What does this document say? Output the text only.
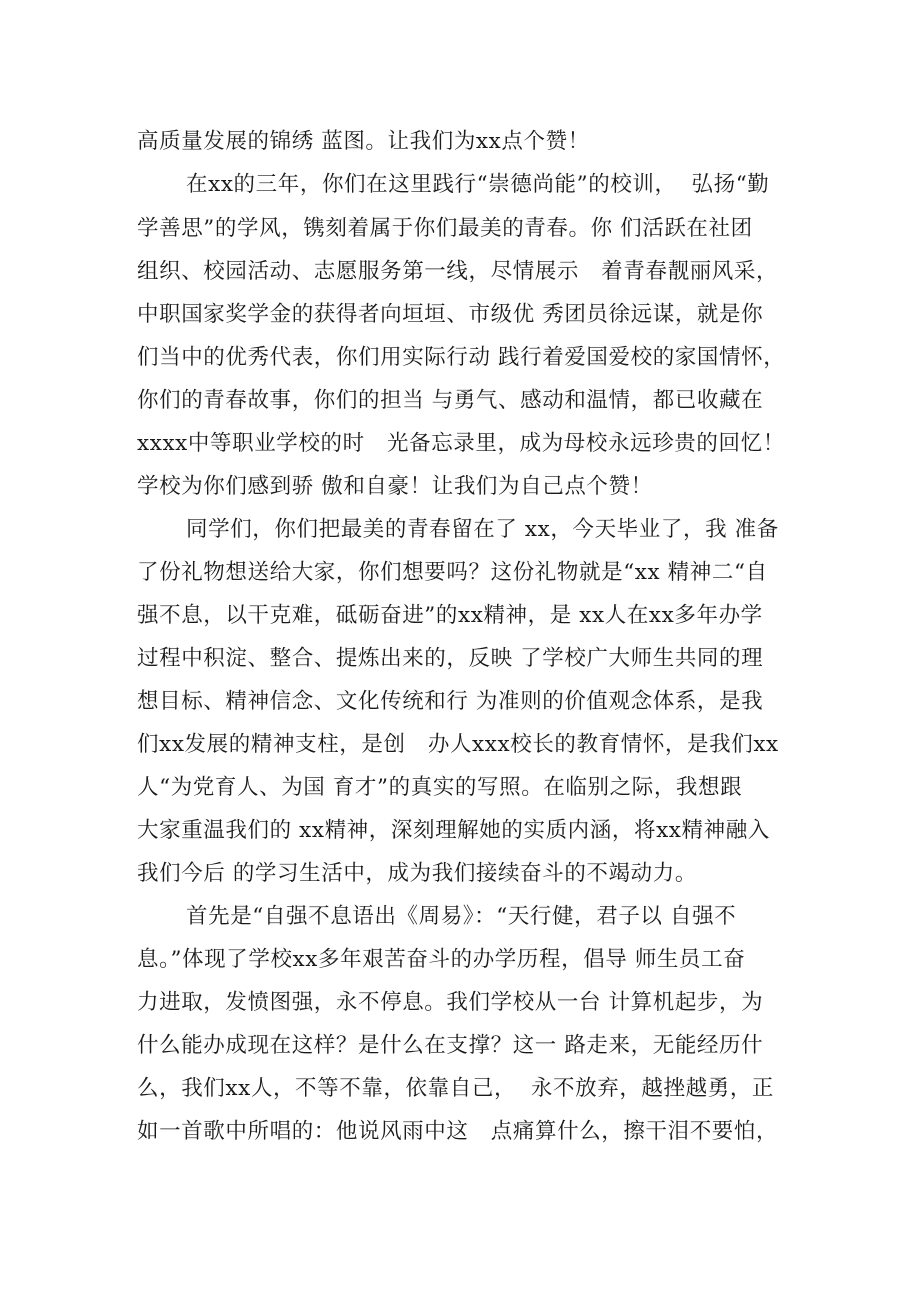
高质量发展的锦绣 蓝图。让我们为xx点个赞！
在xx的三年，你们在这里践行“崇德尚能”的校训，  弘扬“勤
学善思”的学风，镌刻着属于你们最美的青春。你 们活跃在社团
组织、校园活动、志愿服务第一线，尽情展示   着青春靓丽风采，
中职国家奖学金的获得者向垣垣、市级优 秀团员徐远谋，就是你
们当中的优秀代表，你们用实际行动 践行着爱国爱校的家国情怀，
你们的青春故事，你们的担当 与勇气、感动和温情，都已收藏在
xxxx中等职业学校的时   光备忘录里，成为母校永远珍贵的回忆！
学校为你们感到骄 傲和自豪！让我们为自己点个赞！
同学们，你们把最美的青春留在了 xx，今天毕业了，我 准备
了份礼物想送给大家，你们想要吗？这份礼物就是“xx 精神二“自
强不息，以干克难，砥砺奋进”的xx精神，是 xx人在xx多年办学
过程中积淀、整合、提炼出来的，反映 了学校广大师生共同的理
想目标、精神信念、文化传统和行 为准则的价值观念体系，是我
们xx发展的精神支柱，是创   办人xxx校长的教育情怀，是我们xx
人“为党育人、为国 育才”的真实的写照。在临别之际，我想跟
大家重温我们的 xx精神，深刻理解她的实质内涵，将xx精神融入
我们今后 的学习生活中，成为我们接续奋斗的不竭动力。
首先是“自强不息语出《周易》：“天行健，君子以 自强不
息。”体现了学校xx多年艰苦奋斗的办学历程，倡导 师生员工奋
力进取，发愤图强，永不停息。我们学校从一台 计算机起步，为
什么能办成现在这样？是什么在支撑？这一 路走来，无能经历什
么，我们xx人，不等不靠，依靠自己，  永不放弃，越挫越勇，正
如一首歌中所唱的：他说风雨中这   点痛算什么，擦干泪不要怕，
